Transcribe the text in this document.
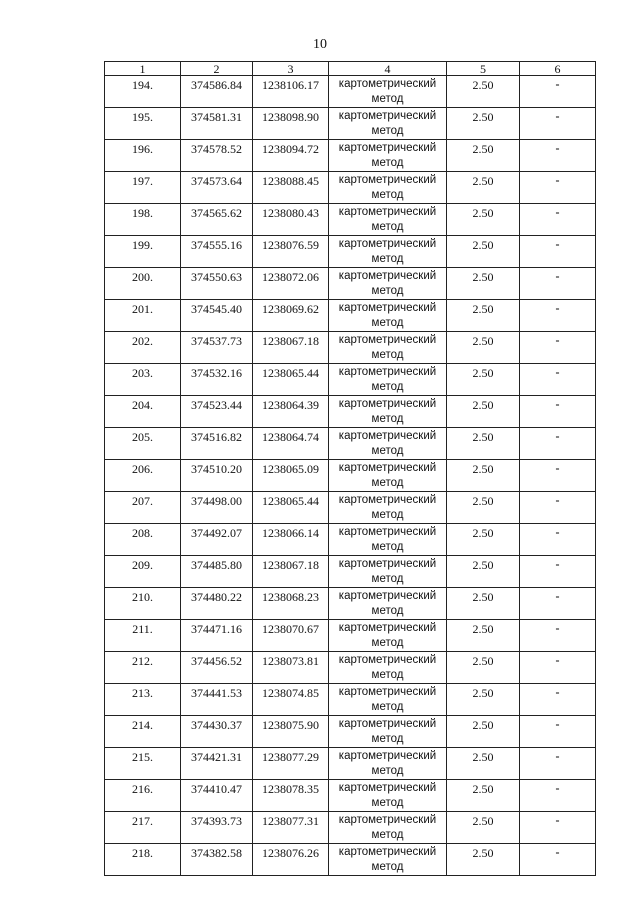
10
1	2	3	4	5	6
194.	374586.84	1238106.17	картометрический метод	2.50	-
195.	374581.31	1238098.90	картометрический метод	2.50	-
196.	374578.52	1238094.72	картометрический метод	2.50	-
197.	374573.64	1238088.45	картометрический метод	2.50	-
198.	374565.62	1238080.43	картометрический метод	2.50	-
199.	374555.16	1238076.59	картометрический метод	2.50	-
200.	374550.63	1238072.06	картометрический метод	2.50	-
201.	374545.40	1238069.62	картометрический метод	2.50	-
202.	374537.73	1238067.18	картометрический метод	2.50	-
203.	374532.16	1238065.44	картометрический метод	2.50	-
204.	374523.44	1238064.39	картометрический метод	2.50	-
205.	374516.82	1238064.74	картометрический метод	2.50	-
206.	374510.20	1238065.09	картометрический метод	2.50	-
207.	374498.00	1238065.44	картометрический метод	2.50	-
208.	374492.07	1238066.14	картометрический метод	2.50	-
209.	374485.80	1238067.18	картометрический метод	2.50	-
210.	374480.22	1238068.23	картометрический метод	2.50	-
211.	374471.16	1238070.67	картометрический метод	2.50	-
212.	374456.52	1238073.81	картометрический метод	2.50	-
213.	374441.53	1238074.85	картометрический метод	2.50	-
214.	374430.37	1238075.90	картометрический метод	2.50	-
215.	374421.31	1238077.29	картометрический метод	2.50	-
216.	374410.47	1238078.35	картометрический метод	2.50	-
217.	374393.73	1238077.31	картометрический метод	2.50	-
218.	374382.58	1238076.26	картометрический метод	2.50	-
